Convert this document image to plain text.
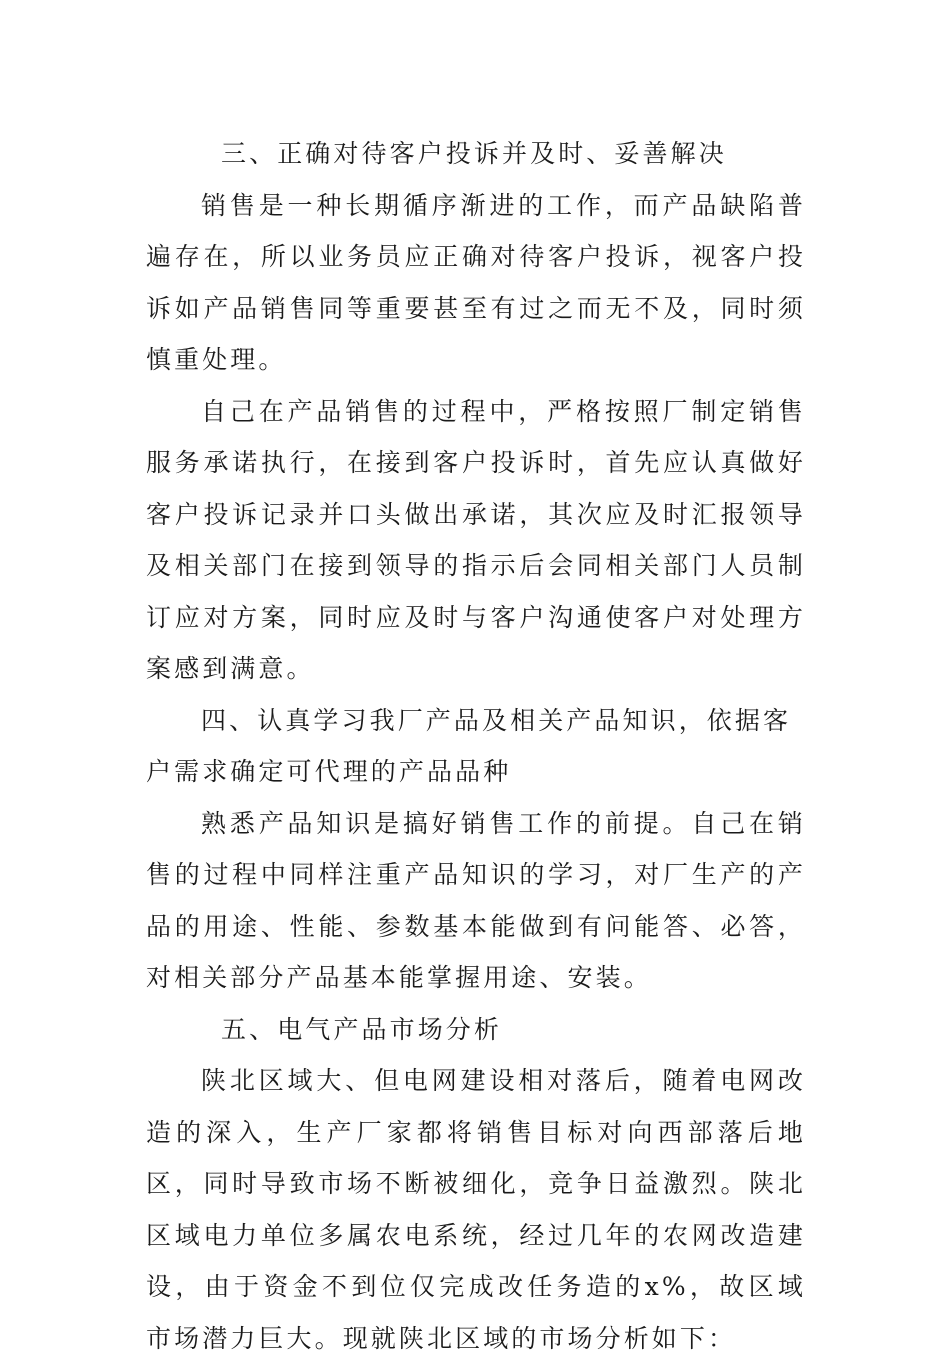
三、正确对待客户投诉并及时、妥善解决

销售是一种长期循序渐进的工作，而产品缺陷普遍存在，所以业务员应正确对待客户投诉，视客户投诉如产品销售同等重要甚至有过之而无不及，同时须慎重处理。

自己在产品销售的过程中，严格按照厂制定销售服务承诺执行，在接到客户投诉时，首先应认真做好客户投诉记录并口头做出承诺，其次应及时汇报领导及相关部门在接到领导的指示后会同相关部门人员制订应对方案，同时应及时与客户沟通使客户对处理方案感到满意。

四、认真学习我厂产品及相关产品知识，依据客户需求确定可代理的产品品种

熟悉产品知识是搞好销售工作的前提。自己在销售的过程中同样注重产品知识的学习，对厂生产的产品的用途、性能、参数基本能做到有问能答、必答，对相关部分产品基本能掌握用途、安装。

五、电气产品市场分析

陕北区域大、但电网建设相对落后，随着电网改造的深入，生产厂家都将销售目标对向西部落后地区，同时导致市场不断被细化，竞争日益激烈。陕北区域电力单位多属农电系统，经过几年的农网改造建设，由于资金不到位仅完成改任务造的x%，故区域市场潜力巨大。现就陕北区域的市场分析如下：
